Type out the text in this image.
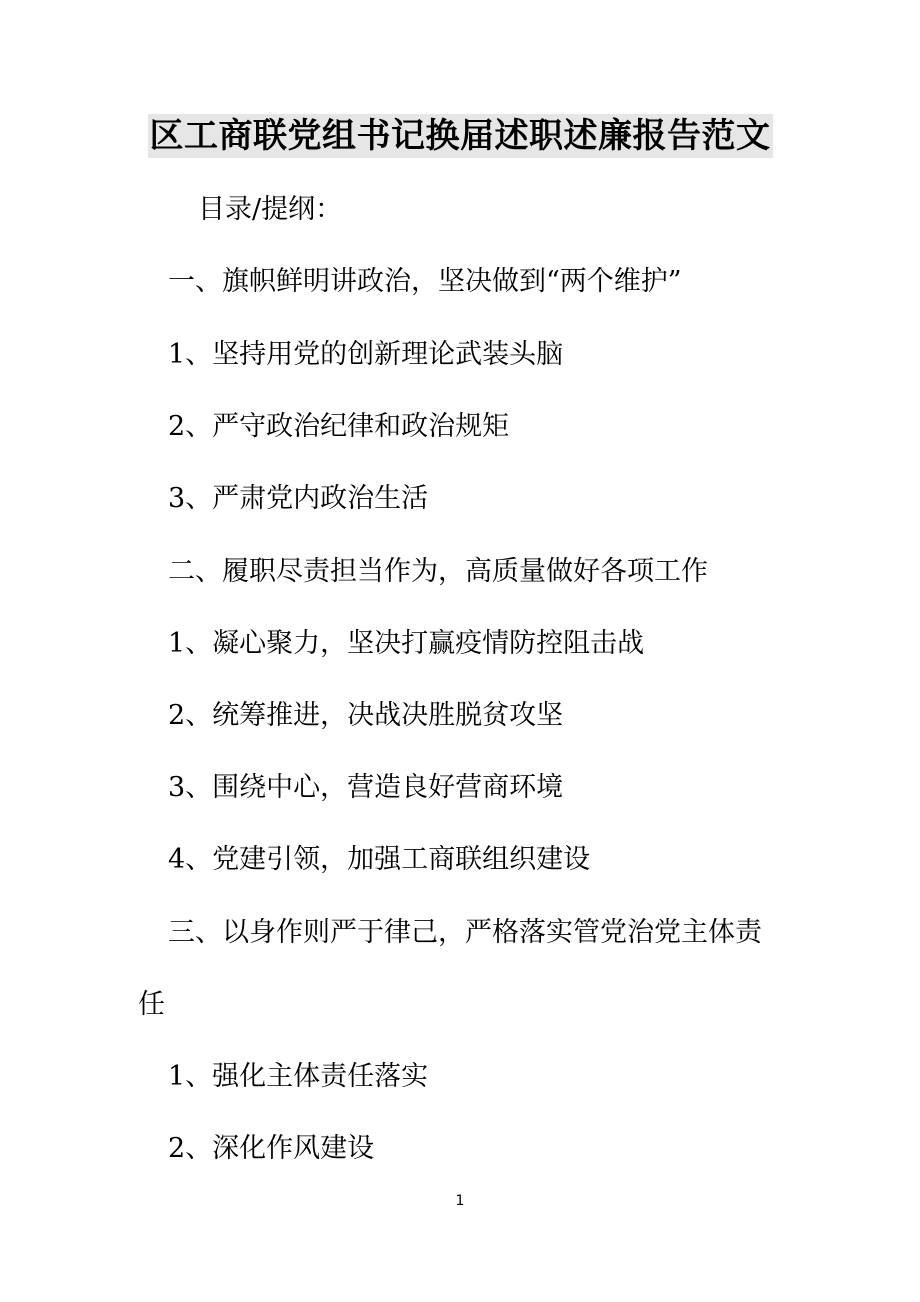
区工商联党组书记换届述职述廉报告范文
目录/提纲：
一、旗帜鲜明讲政治，坚决做到“两个维护”
1、坚持用党的创新理论武装头脑
2、严守政治纪律和政治规矩
3、严肃党内政治生活
二、履职尽责担当作为，高质量做好各项工作
1、凝心聚力，坚决打赢疫情防控阻击战
2、统筹推进，决战决胜脱贫攻坚
3、围绕中心，营造良好营商环境
4、党建引领，加强工商联组织建设
三、以身作则严于律己，严格落实管党治党主体责
任
1、强化主体责任落实
2、深化作风建设
1
